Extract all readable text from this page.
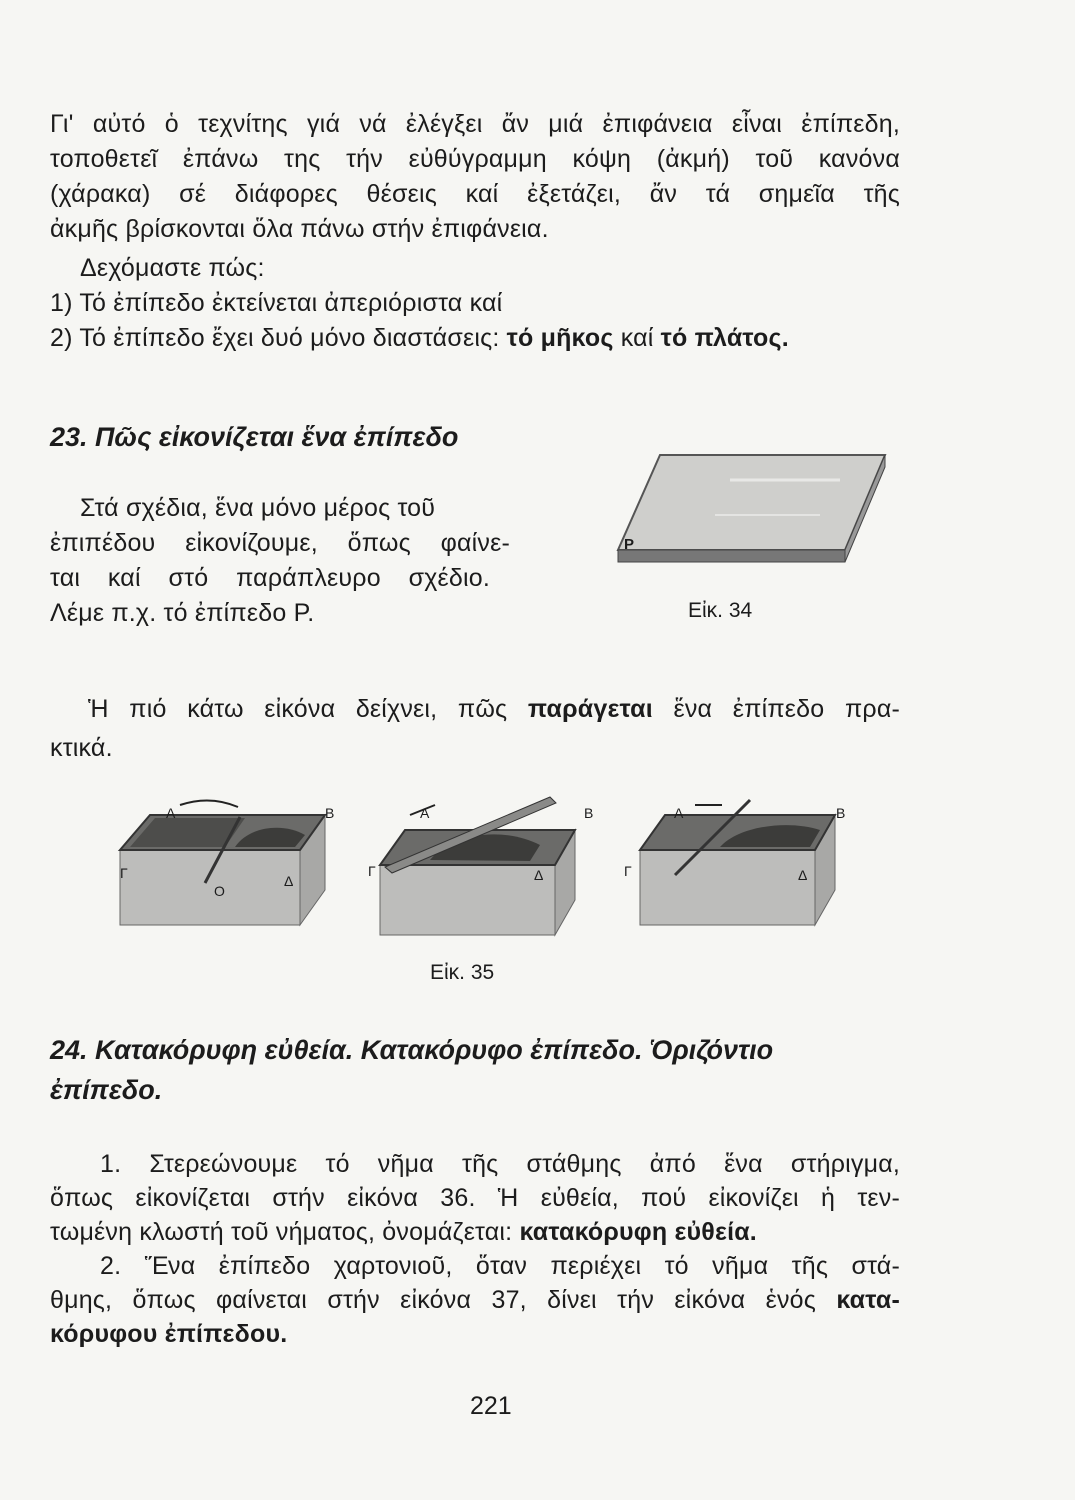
Γι' αὐτό ὁ τεχνίτης γιά νά ἐλέγξει ἄν μιά ἐπιφάνεια εἶναι ἐπίπεδη,
τοποθετεῖ ἐπάνω της τήν εὐθύγραμμη κόψη (ἀκμή) τοῦ κανόνα
(χάρακα) σέ διάφορες θέσεις καί ἐξετάζει, ἄν τά σημεῖα τῆς
ἀκμῆς βρίσκονται ὅλα πάνω στήν ἐπιφάνεια.
Δεχόμαστε πώς:
1) Τό ἐπίπεδο ἐκτείνεται ἀπεριόριστα καί
2) Τό ἐπίπεδο ἔχει δυό μόνο διαστάσεις: τό μῆκος καί τό πλάτος.
23. Πῶς εἰκονίζεται ἕνα ἐπίπεδο
Στά σχέδια, ἕνα μόνο μέρος τοῦ
ἐπιπέδου εἰκονίζουμε, ὅπως φαίνε-
ται καί στό παράπλευρο σχέδιο.
Λέμε π.χ. τό ἐπίπεδο Ρ.
P
Εἰκ. 34
Ἡ πιό κάτω εἰκόνα δείχνει, πῶς παράγεται ἕνα ἐπίπεδο πρα-
κτικά.
A	B
Γ	Δ
O
A	B
Γ	Δ
A	B
Γ	Δ
Εἰκ. 35
24. Κατακόρυφη εὐθεία. Κατακόρυφο ἐπίπεδο. Ὁριζόντιο
ἐπίπεδο.
1. Στερεώνουμε τό νῆμα τῆς στάθμης ἀπό ἕνα στήριγμα,
ὅπως εἰκονίζεται στήν εἰκόνα 36. Ἡ εὐθεία, πού εἰκονίζει ἡ τεν-
τωμένη κλωστή τοῦ νήματος, ὀνομάζεται: κατακόρυφη εὐθεία.
2. Ἕνα ἐπίπεδο χαρτονιοῦ, ὅταν περιέχει τό νῆμα τῆς στά-
θμης, ὅπως φαίνεται στήν εἰκόνα 37, δίνει τήν εἰκόνα ἑνός κατα-
κόρυφου ἐπίπεδου.
221
